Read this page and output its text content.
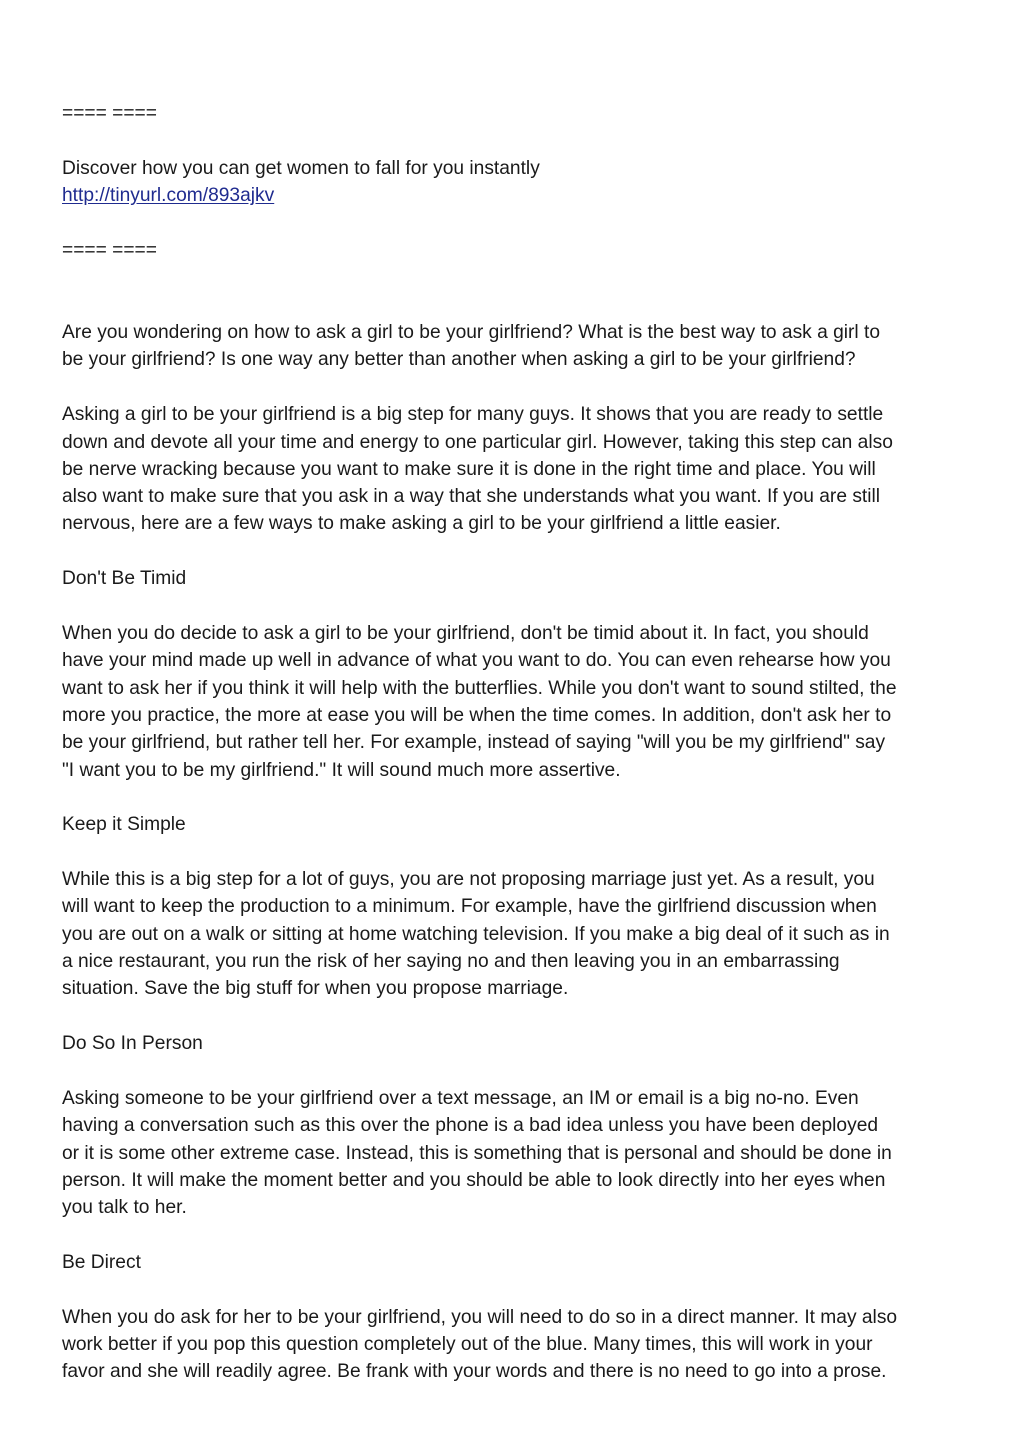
==== ====
Discover how you can get women to fall for you instantly
http://tinyurl.com/893ajkv
==== ====
Are you wondering on how to ask a girl to be your girlfriend? What is the best way to ask a girl to
be your girlfriend? Is one way any better than another when asking a girl to be your girlfriend?
Asking a girl to be your girlfriend is a big step for many guys. It shows that you are ready to settle
down and devote all your time and energy to one particular girl. However, taking this step can also
be nerve wracking because you want to make sure it is done in the right time and place. You will
also want to make sure that you ask in a way that she understands what you want. If you are still
nervous, here are a few ways to make asking a girl to be your girlfriend a little easier.
Don't Be Timid
When you do decide to ask a girl to be your girlfriend, don't be timid about it. In fact, you should
have your mind made up well in advance of what you want to do. You can even rehearse how you
want to ask her if you think it will help with the butterflies. While you don't want to sound stilted, the
more you practice, the more at ease you will be when the time comes. In addition, don't ask her to
be your girlfriend, but rather tell her. For example, instead of saying "will you be my girlfriend" say
"I want you to be my girlfriend." It will sound much more assertive.
Keep it Simple
While this is a big step for a lot of guys, you are not proposing marriage just yet. As a result, you
will want to keep the production to a minimum. For example, have the girlfriend discussion when
you are out on a walk or sitting at home watching television. If you make a big deal of it such as in
a nice restaurant, you run the risk of her saying no and then leaving you in an embarrassing
situation. Save the big stuff for when you propose marriage.
Do So In Person
Asking someone to be your girlfriend over a text message, an IM or email is a big no-no. Even
having a conversation such as this over the phone is a bad idea unless you have been deployed
or it is some other extreme case. Instead, this is something that is personal and should be done in
person. It will make the moment better and you should be able to look directly into her eyes when
you talk to her.
Be Direct
When you do ask for her to be your girlfriend, you will need to do so in a direct manner. It may also
work better if you pop this question completely out of the blue. Many times, this will work in your
favor and she will readily agree. Be frank with your words and there is no need to go into a prose.
